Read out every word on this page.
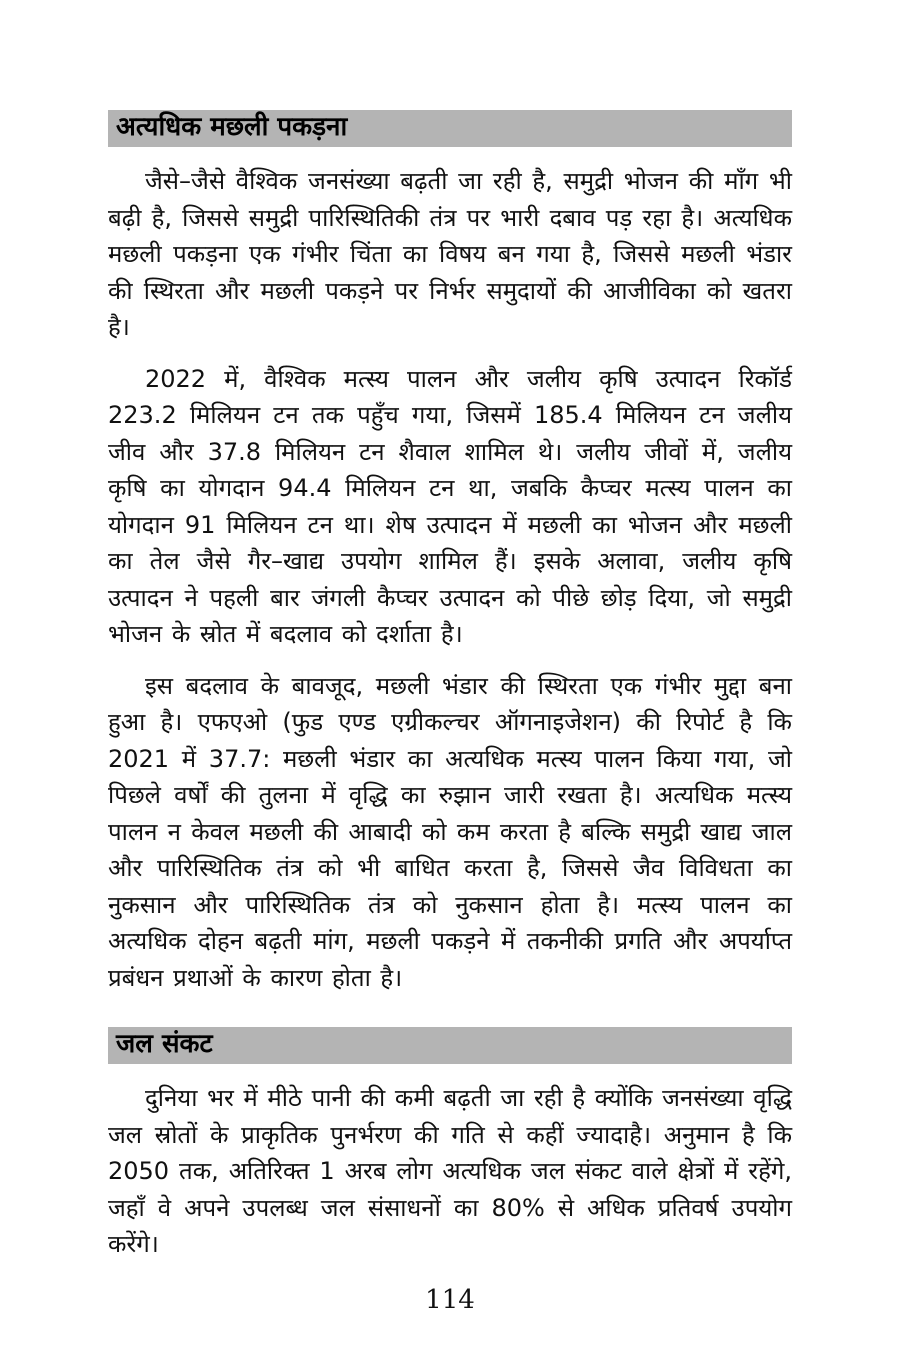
अत्यधिक मछली पकड़ना

जैसे–जैसे वैश्विक जनसंख्या बढ़ती जा रही है, समुद्री भोजन की माँग भी बढ़ी है, जिससे समुद्री पारिस्थितिकी तंत्र पर भारी दबाव पड़ रहा है। अत्यधिक मछली पकड़ना एक गंभीर चिंता का विषय बन गया है, जिससे मछली भंडार की स्थिरता और मछली पकड़ने पर निर्भर समुदायों की आजीविका को खतरा है।

2022 में, वैश्विक मत्स्य पालन और जलीय कृषि उत्पादन रिकॉर्ड 223.2 मिलियन टन तक पहुँच गया, जिसमें 185.4 मिलियन टन जलीय जीव और 37.8 मिलियन टन शैवाल शामिल थे। जलीय जीवों में, जलीय कृषि का योगदान 94.4 मिलियन टन था, जबकि कैप्चर मत्स्य पालन का योगदान 91 मिलियन टन था। शेष उत्पादन में मछली का भोजन और मछली का तेल जैसे गैर–खाद्य उपयोग शामिल हैं। इसके अलावा, जलीय कृषि उत्पादन ने पहली बार जंगली कैप्चर उत्पादन को पीछे छोड़ दिया, जो समुद्री भोजन के स्रोत में बदलाव को दर्शाता है।

इस बदलाव के बावजूद, मछली भंडार की स्थिरता एक गंभीर मुद्दा बना हुआ है। एफएओ (फुड एण्ड एग्रीकल्चर ऑगनाइजेशन) की रिपोर्ट है कि 2021 में 37.7: मछली भंडार का अत्यधिक मत्स्य पालन किया गया, जो पिछले वर्षों की तुलना में वृद्धि का रुझान जारी रखता है। अत्यधिक मत्स्य पालन न केवल मछली की आबादी को कम करता है बल्कि समुद्री खाद्य जाल और पारिस्थितिक तंत्र को भी बाधित करता है, जिससे जैव विविधता का नुकसान और पारिस्थितिक तंत्र को नुकसान होता है। मत्स्य पालन का अत्यधिक दोहन बढ़ती मांग, मछली पकड़ने में तकनीकी प्रगति और अपर्याप्त प्रबंधन प्रथाओं के कारण होता है।

जल संकट

दुनिया भर में मीठे पानी की कमी बढ़ती जा रही है क्योंकि जनसंख्या वृद्धि जल स्रोतों के प्राकृतिक पुनर्भरण की गति से कहीं ज्यादाहै। अनुमान है कि 2050 तक, अतिरिक्त 1 अरब लोग अत्यधिक जल संकट वाले क्षेत्रों में रहेंगे, जहाँ वे अपने उपलब्ध जल संसाधनों का 80% से अधिक प्रतिवर्ष उपयोग करेंगे।

114
